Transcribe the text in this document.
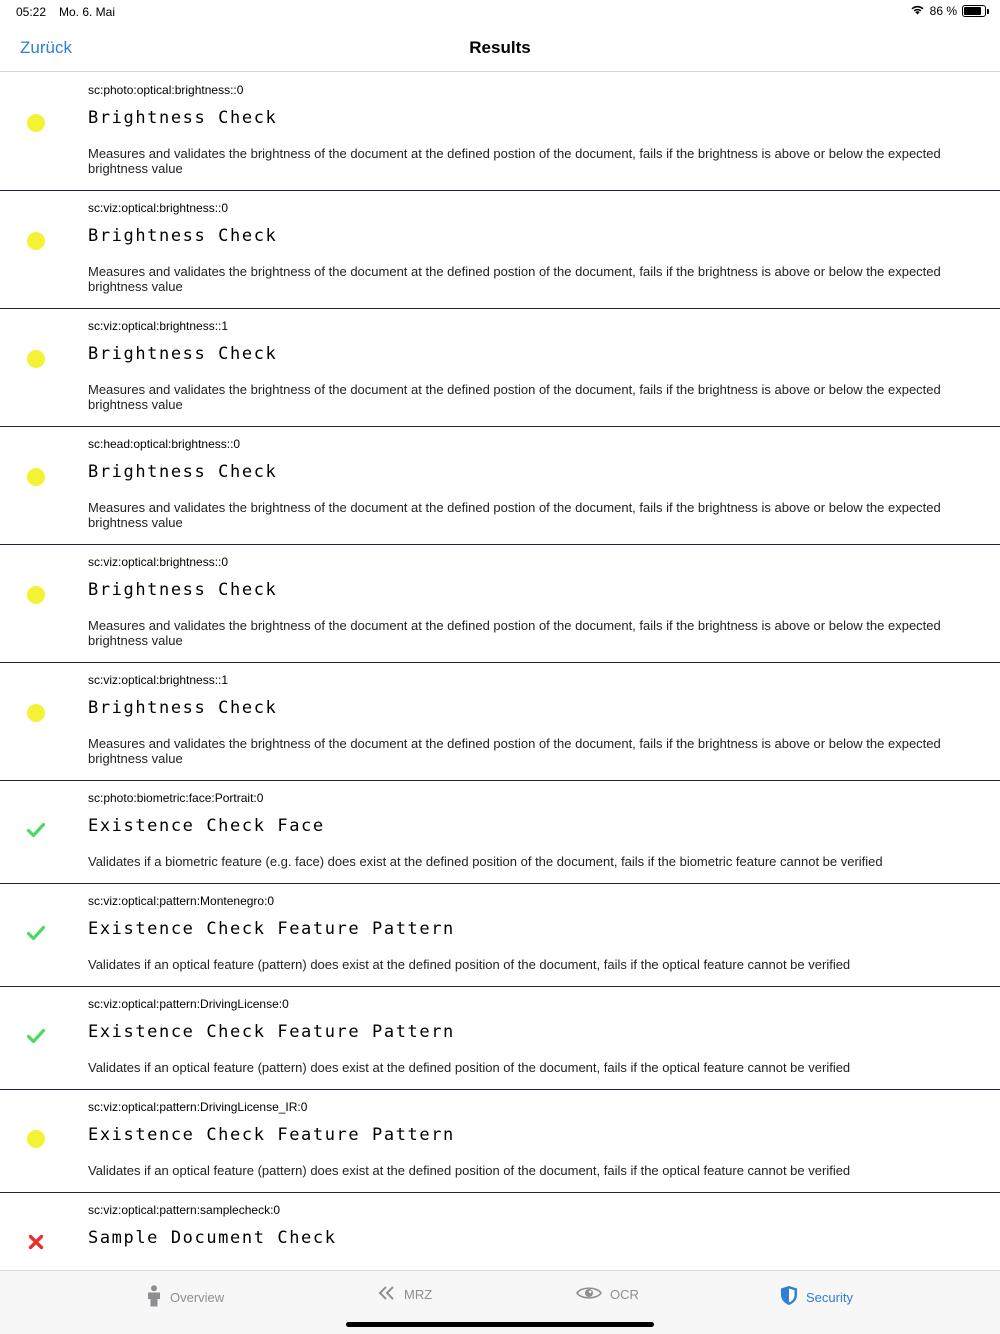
05:22 Mo. 6. Mai	86 %
Zurück	Results
sc:photo:optical:brightness::0
Brightness Check
Measures and validates the brightness of the document at the defined postion of the document, fails if the brightness is above or below the expected brightness value
sc:viz:optical:brightness::0
Brightness Check
Measures and validates the brightness of the document at the defined postion of the document, fails if the brightness is above or below the expected brightness value
sc:viz:optical:brightness::1
Brightness Check
Measures and validates the brightness of the document at the defined postion of the document, fails if the brightness is above or below the expected brightness value
sc:head:optical:brightness::0
Brightness Check
Measures and validates the brightness of the document at the defined postion of the document, fails if the brightness is above or below the expected brightness value
sc:viz:optical:brightness::0
Brightness Check
Measures and validates the brightness of the document at the defined postion of the document, fails if the brightness is above or below the expected brightness value
sc:viz:optical:brightness::1
Brightness Check
Measures and validates the brightness of the document at the defined postion of the document, fails if the brightness is above or below the expected brightness value
sc:photo:biometric:face:Portrait:0
Existence Check Face
Validates if a biometric feature (e.g. face) does exist at the defined position of the document, fails if the biometric feature cannot be verified
sc:viz:optical:pattern:Montenegro:0
Existence Check Feature Pattern
Validates if an optical feature (pattern) does exist at the defined position of the document, fails if the optical feature cannot be verified
sc:viz:optical:pattern:DrivingLicense:0
Existence Check Feature Pattern
Validates if an optical feature (pattern) does exist at the defined position of the document, fails if the optical feature cannot be verified
sc:viz:optical:pattern:DrivingLicense_IR:0
Existence Check Feature Pattern
Validates if an optical feature (pattern) does exist at the defined position of the document, fails if the optical feature cannot be verified
sc:viz:optical:pattern:samplecheck:0
Sample Document Check
Overview	MRZ	OCR	Security
